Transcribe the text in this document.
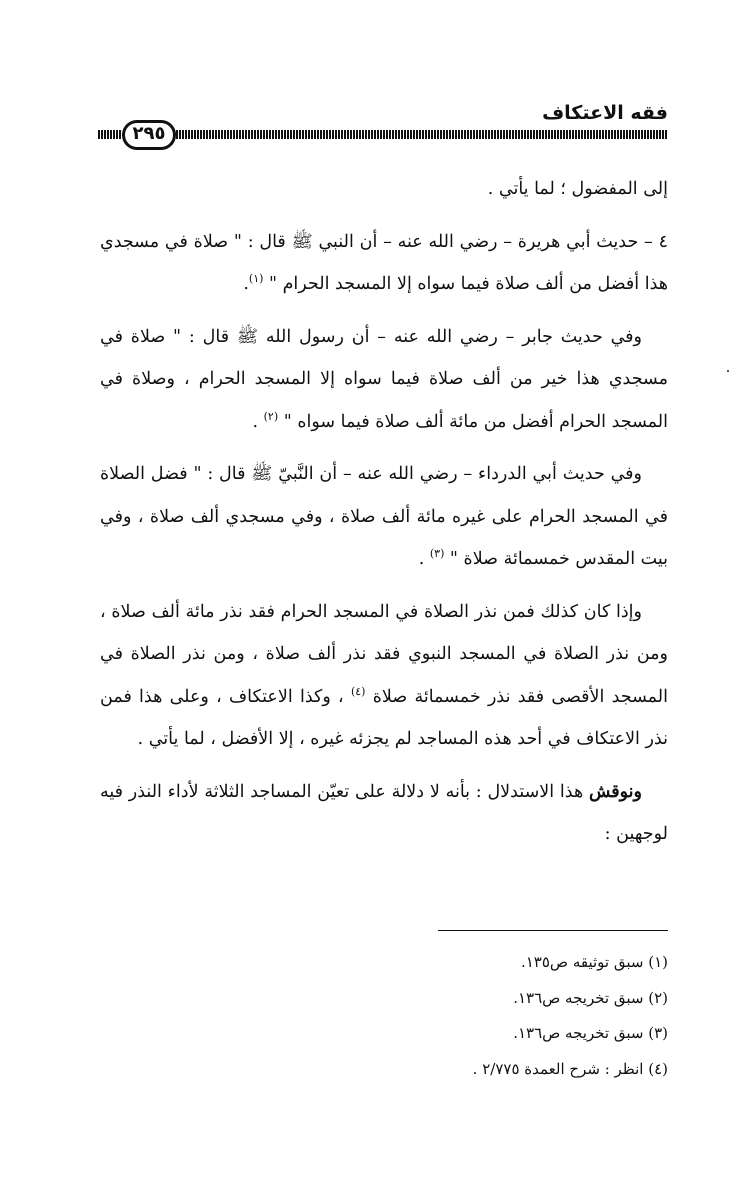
فقه الاعتكاف
٢٩٥

إلى المفضول ؛ لما يأتي .

٤ – حديث أبي هريرة – رضي الله عنه – أن النبي ﷺ قال : " صلاة في مسجدي هذا أفضل من ألف صلاة فيما سواه إلا المسجد الحرام " $^{(١)}$.

وفي حديث جابر – رضي الله عنه – أن رسول الله ﷺ قال : " صلاة في مسجدي هذا خير من ألف صلاة فيما سواه إلا المسجد الحرام ، وصلاة في المسجد الحرام أفضل من مائة ألف صلاة فيما سواه " $^{(٢)}$ .

وفي حديث أبي الدرداء – رضي الله عنه – أن النَّبيّ ﷺ قال : " فضل الصلاة في المسجد الحرام على غيره مائة ألف صلاة ، وفي مسجدي ألف صلاة ، وفي بيت المقدس خمسمائة صلاة " $^{(٣)}$ .

وإذا كان كذلك فمن نذر الصلاة في المسجد الحرام فقد نذر مائة ألف صلاة ، ومن نذر الصلاة في المسجد النبوي فقد نذر ألف صلاة ، ومن نذر الصلاة في المسجد الأقصى فقد نذر خمسمائة صلاة $^{(٤)}$ ، وكذا الاعتكاف ، وعلى هذا فمن نذر الاعتكاف في أحد هذه المساجد لم يجزئه غيره ، إلا الأفضل ، لما يأتي .

ونوقش هذا الاستدلال : بأنه لا دلالة على تعيّن المساجد الثلاثة لأداء النذر فيه لوجهين :

(١) سبق توثيقه ص١٣٥.
(٢) سبق تخريجه ص١٣٦.
(٣) سبق تخريجه ص١٣٦.
(٤) انظر : شرح العمدة ٢/٧٧٥ .
